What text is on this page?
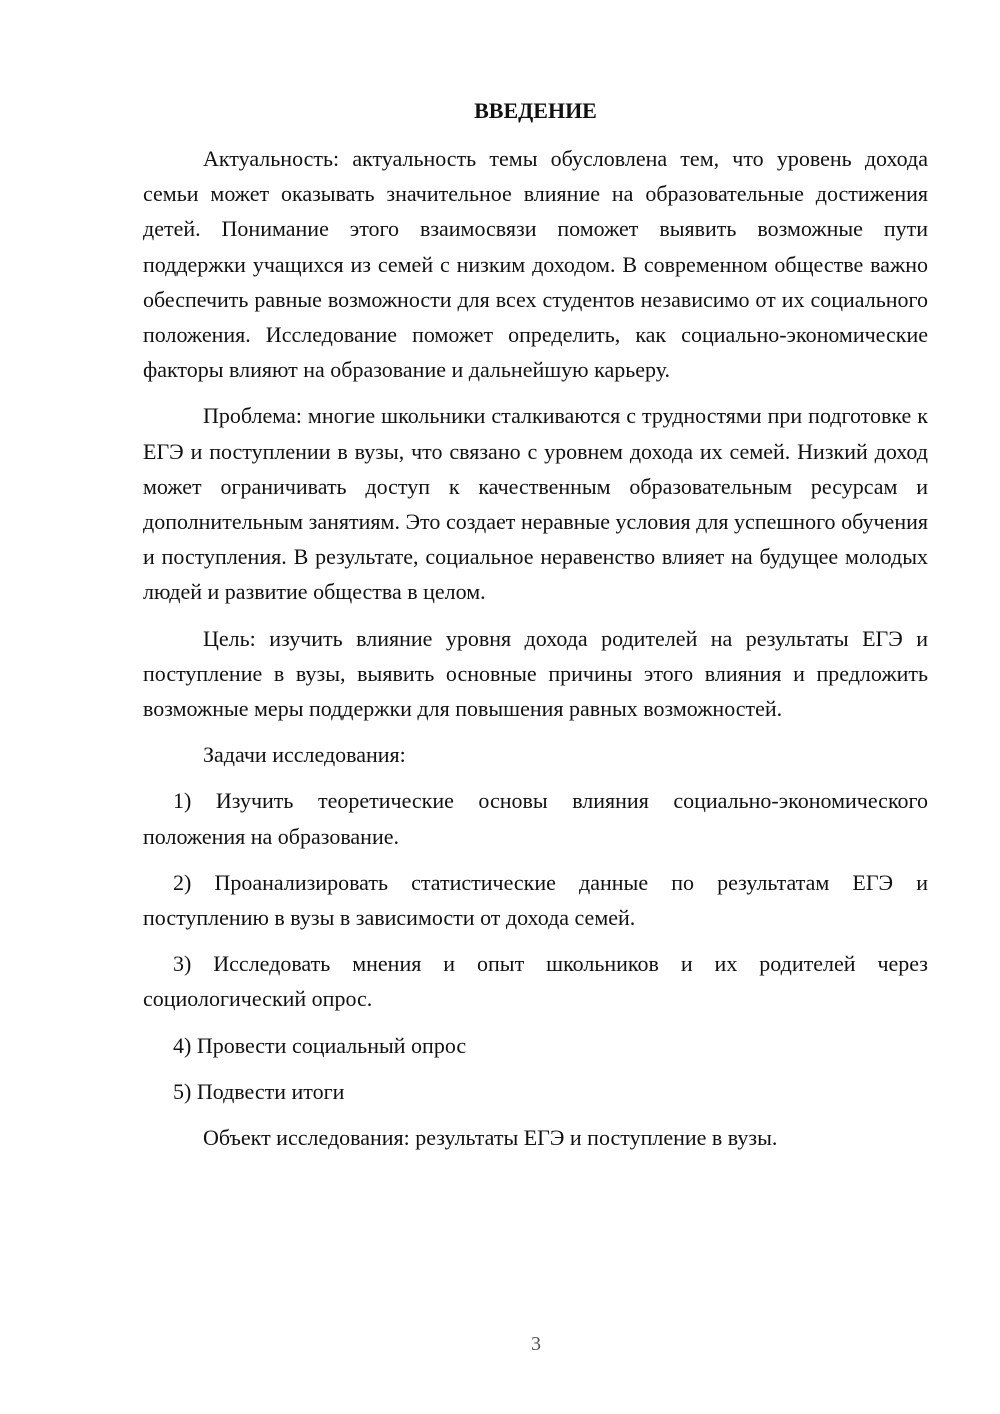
ВВЕДЕНИЕ

Актуальность: актуальность темы обусловлена тем, что уровень дохода семьи может оказывать значительное влияние на образовательные достижения детей. Понимание этого взаимосвязи поможет выявить возможные пути поддержки учащихся из семей с низким доходом. В современном обществе важно обеспечить равные возможности для всех студентов независимо от их социального положения. Исследование поможет определить, как социально-экономические факторы влияют на образование и дальнейшую карьеру.

Проблема: многие школьники сталкиваются с трудностями при подготовке к ЕГЭ и поступлении в вузы, что связано с уровнем дохода их семей. Низкий доход может ограничивать доступ к качественным образовательным ресурсам и дополнительным занятиям. Это создает неравные условия для успешного обучения и поступления. В результате, социальное неравенство влияет на будущее молодых людей и развитие общества в целом.

Цель: изучить влияние уровня дохода родителей на результаты ЕГЭ и поступление в вузы, выявить основные причины этого влияния и предложить возможные меры поддержки для повышения равных возможностей.

Задачи исследования:

1) Изучить теоретические основы влияния социально-экономического положения на образование.

2) Проанализировать статистические данные по результатам ЕГЭ и поступлению в вузы в зависимости от дохода семей.

3) Исследовать мнения и опыт школьников и их родителей через социологический опрос.

4) Провести социальный опрос

5) Подвести итоги

Объект исследования: результаты ЕГЭ и поступление в вузы.

3
